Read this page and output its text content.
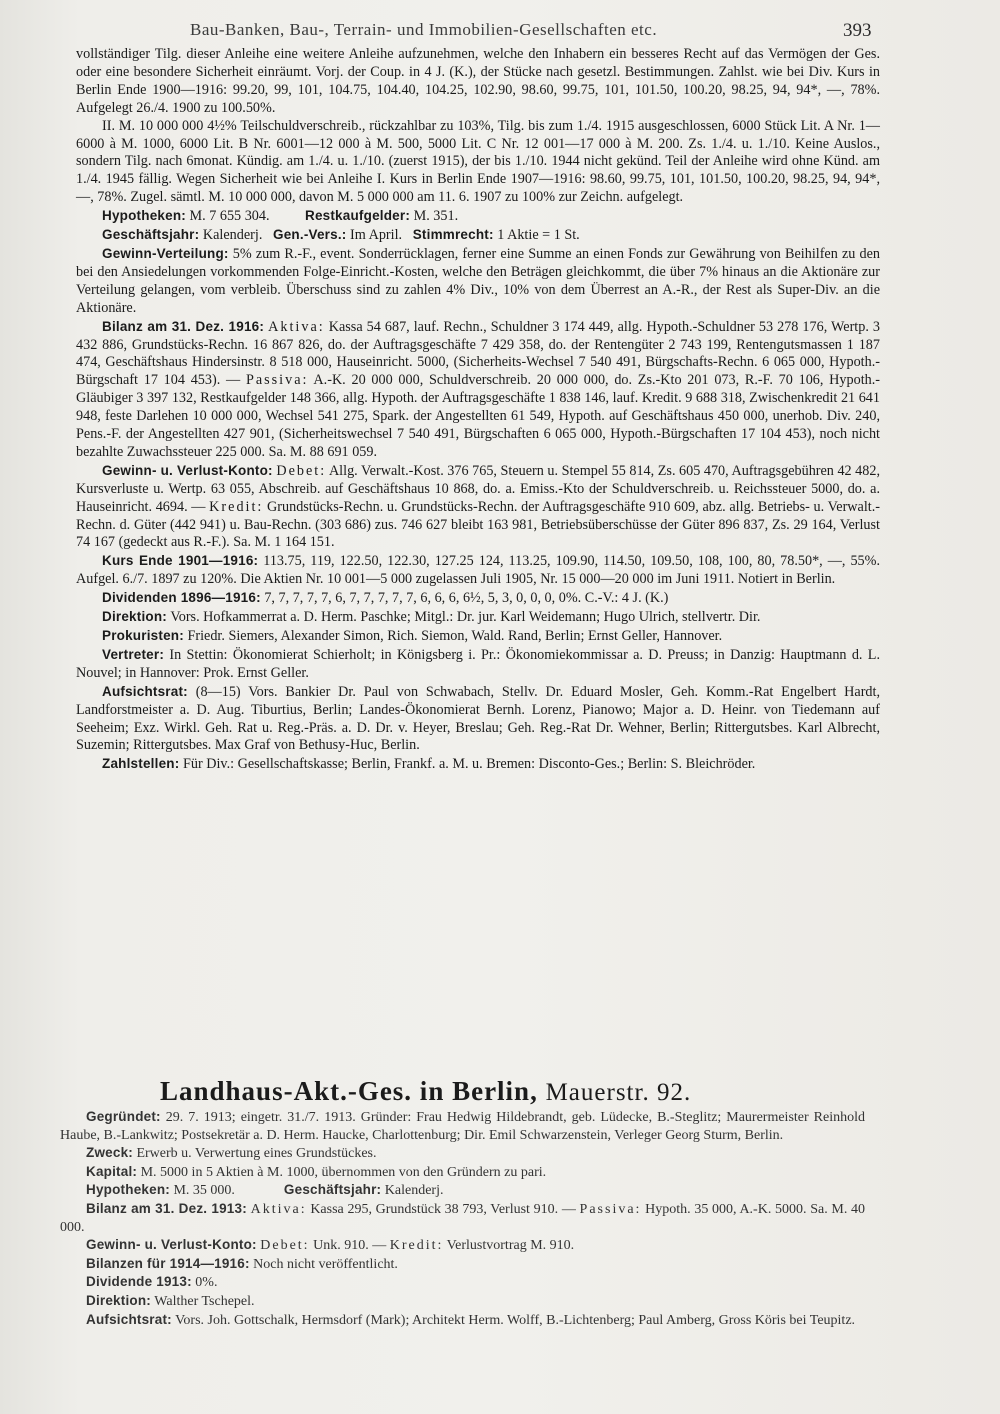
Bau-Banken, Bau-, Terrain- und Immobilien-Gesellschaften etc.	393

vollständiger Tilg. dieser Anleihe eine weitere Anleihe aufzunehmen, welche den Inhabern ein besseres Recht auf das Vermögen der Ges. oder eine besondere Sicherheit einräumt. Vorj. der Coup. in 4 J. (K.), der Stücke nach gesetzl. Bestimmungen. Zahlst. wie bei Div. Kurs in Berlin Ende 1900—1916: 99.20, 99, 101, 104.75, 104.40, 104.25, 102.90, 98.60, 99.75, 101, 101.50, 100.20, 98.25, 94, 94*, —, 78%. Aufgelegt 26./4. 1900 zu 100.50%.

II. M. 10 000 000 4½% Teilschuldverschreib., rückzahlbar zu 103%, Tilg. bis zum 1./4. 1915 ausgeschlossen, 6000 Stück Lit. A Nr. 1—6000 à M. 1000, 6000 Lit. B Nr. 6001—12 000 à M. 500, 5000 Lit. C Nr. 12 001—17 000 à M. 200. Zs. 1./4. u. 1./10. Keine Auslos., sondern Tilg. nach 6monat. Kündig. am 1./4. u. 1./10. (zuerst 1915), der bis 1./10. 1944 nicht gekünd. Teil der Anleihe wird ohne Künd. am 1./4. 1945 fällig. Wegen Sicherheit wie bei Anleihe I. Kurs in Berlin Ende 1907—1916: 98.60, 99.75, 101, 101.50, 100.20, 98.25, 94, 94*, —, 78%. Zugel. sämtl. M. 10 000 000, davon M. 5 000 000 am 11. 6. 1907 zu 100% zur Zeichn. aufgelegt.

Hypotheken: M. 7 655 304.   	Restkaufgelder: M. 351.

Geschäftsjahr: Kalenderj.   Gen.-Vers.: Im April.   Stimmrecht: 1 Aktie = 1 St.

Gewinn-Verteilung: 5% zum R.-F., event. Sonderrücklagen, ferner eine Summe an einen Fonds zur Gewährung von Beihilfen zu den bei den Ansiedelungen vorkommenden Folge-Einricht.-Kosten, welche den Beträgen gleichkommt, die über 7% hinaus an die Aktionäre zur Verteilung gelangen, vom verbleib. Überschuss sind zu zahlen 4% Div., 10% von dem Überrest an A.-R., der Rest als Super-Div. an die Aktionäre.

Bilanz am 31. Dez. 1916: Aktiva: Kassa 54 687, lauf. Rechn., Schuldner 3 174 449, allg. Hypoth.-Schuldner 53 278 176, Wertp. 3 432 886, Grundstücks-Rechn. 16 867 826, do. der Auftragsgeschäfte 7 429 358, do. der Rentengüter 2 743 199, Rentengutsmassen 1 187 474, Geschäftshaus Hindersinstr. 8 518 000, Hauseinricht. 5000, (Sicherheits-Wechsel 7 540 491, Bürgschafts-Rechn. 6 065 000, Hypoth.-Bürgschaft 17 104 453). — Passiva: A.-K. 20 000 000, Schuldverschreib. 20 000 000, do. Zs.-Kto 201 073, R.-F. 70 106, Hypoth.-Gläubiger 3 397 132, Restkaufgelder 148 366, allg. Hypoth. der Auftragsgeschäfte 1 838 146, lauf. Kredit. 9 688 318, Zwischenkredit 21 641 948, feste Darlehen 10 000 000, Wechsel 541 275, Spark. der Angestellten 61 549, Hypoth. auf Geschäftshaus 450 000, unerhob. Div. 240, Pens.-F. der Angestellten 427 901, (Sicherheitswechsel 7 540 491, Bürgschaften 6 065 000, Hypoth.-Bürgschaften 17 104 453), noch nicht bezahlte Zuwachssteuer 225 000. Sa. M. 88 691 059.

Gewinn- u. Verlust-Konto: Debet: Allg. Verwalt.-Kost. 376 765, Steuern u. Stempel 55 814, Zs. 605 470, Auftragsgebühren 42 482, Kursverluste u. Wertp. 63 055, Abschreib. auf Geschäftshaus 10 868, do. a. Emiss.-Kto der Schuldverschreib. u. Reichssteuer 5000, do. a. Hauseinricht. 4694. — Kredit: Grundstücks-Rechn. u. Grundstücks-Rechn. der Auftragsgeschäfte 910 609, abz. allg. Betriebs- u. Verwalt.-Rechn. d. Güter (442 941) u. Bau-Rechn. (303 686) zus. 746 627 bleibt 163 981, Betriebsüberschüsse der Güter 896 837, Zs. 29 164, Verlust 74 167 (gedeckt aus R.-F.). Sa. M. 1 164 151.

Kurs Ende 1901—1916: 113.75, 119, 122.50, 122.30, 127.25 124, 113.25, 109.90, 114.50, 109.50, 108, 100, 80, 78.50*, —, 55%. Aufgel. 6./7. 1897 zu 120%. Die Aktien Nr. 10 001—5 000 zugelassen Juli 1905, Nr. 15 000—20 000 im Juni 1911. Notiert in Berlin.

Dividenden 1896—1916: 7, 7, 7, 7, 7, 6, 7, 7, 7, 7, 7, 6, 6, 6, 6½, 5, 3, 0, 0, 0, 0%. C.-V.: 4 J. (K.)

Direktion: Vors. Hofkammerrat a. D. Herm. Paschke; Mitgl.: Dr. jur. Karl Weidemann; Hugo Ulrich, stellvertr. Dir.

Prokuristen: Friedr. Siemers, Alexander Simon, Rich. Siemon, Wald. Rand, Berlin; Ernst Geller, Hannover.

Vertreter: In Stettin: Ökonomierat Schierholt; in Königsberg i. Pr.: Ökonomiekommissar a. D. Preuss; in Danzig: Hauptmann d. L. Nouvel; in Hannover: Prok. Ernst Geller.

Aufsichtsrat: (8—15) Vors. Bankier Dr. Paul von Schwabach, Stellv. Dr. Eduard Mosler, Geh. Komm.-Rat Engelbert Hardt, Landforstmeister a. D. Aug. Tiburtius, Berlin; Landes-Ökonomierat Bernh. Lorenz, Pianowo; Major a. D. Heinr. von Tiedemann auf Seeheim; Exz. Wirkl. Geh. Rat u. Reg.-Präs. a. D. Dr. v. Heyer, Breslau; Geh. Reg.-Rat Dr. Wehner, Berlin; Rittergutsbes. Karl Albrecht, Suzemin; Rittergutsbes. Max Graf von Bethusy-Huc, Berlin.

Zahlstellen: Für Div.: Gesellschaftskasse; Berlin, Frankf. a. M. u. Bremen: Disconto-Ges.; Berlin: S. Bleichröder.

Landhaus-Akt.-Ges. in Berlin, Mauerstr. 92.

Gegründet: 29. 7. 1913; eingetr. 31./7. 1913. Gründer: Frau Hedwig Hildebrandt, geb. Lüdecke, B.-Steglitz; Maurermeister Reinhold Haube, B.-Lankwitz; Postsekretär a. D. Herm. Haucke, Charlottenburg; Dir. Emil Schwarzenstein, Verleger Georg Sturm, Berlin.

Zweck: Erwerb u. Verwertung eines Grundstückes.

Kapital: M. 5000 in 5 Aktien à M. 1000, übernommen von den Gründern zu pari.

Hypotheken: M. 35 000.    	Geschäftsjahr: Kalenderj.

Bilanz am 31. Dez. 1913: Aktiva: Kassa 295, Grundstück 38 793, Verlust 910. — Passiva: Hypoth. 35 000, A.-K. 5000. Sa. M. 40 000.

Gewinn- u. Verlust-Konto: Debet: Unk. 910. — Kredit: Verlustvortrag M. 910.

Bilanzen für 1914—1916: Noch nicht veröffentlicht.

Dividende 1913: 0%.

Direktion: Walther Tschepel.

Aufsichtsrat: Vors. Joh. Gottschalk, Hermsdorf (Mark); Architekt Herm. Wolff, B.-Lichtenberg; Paul Amberg, Gross Köris bei Teupitz.
